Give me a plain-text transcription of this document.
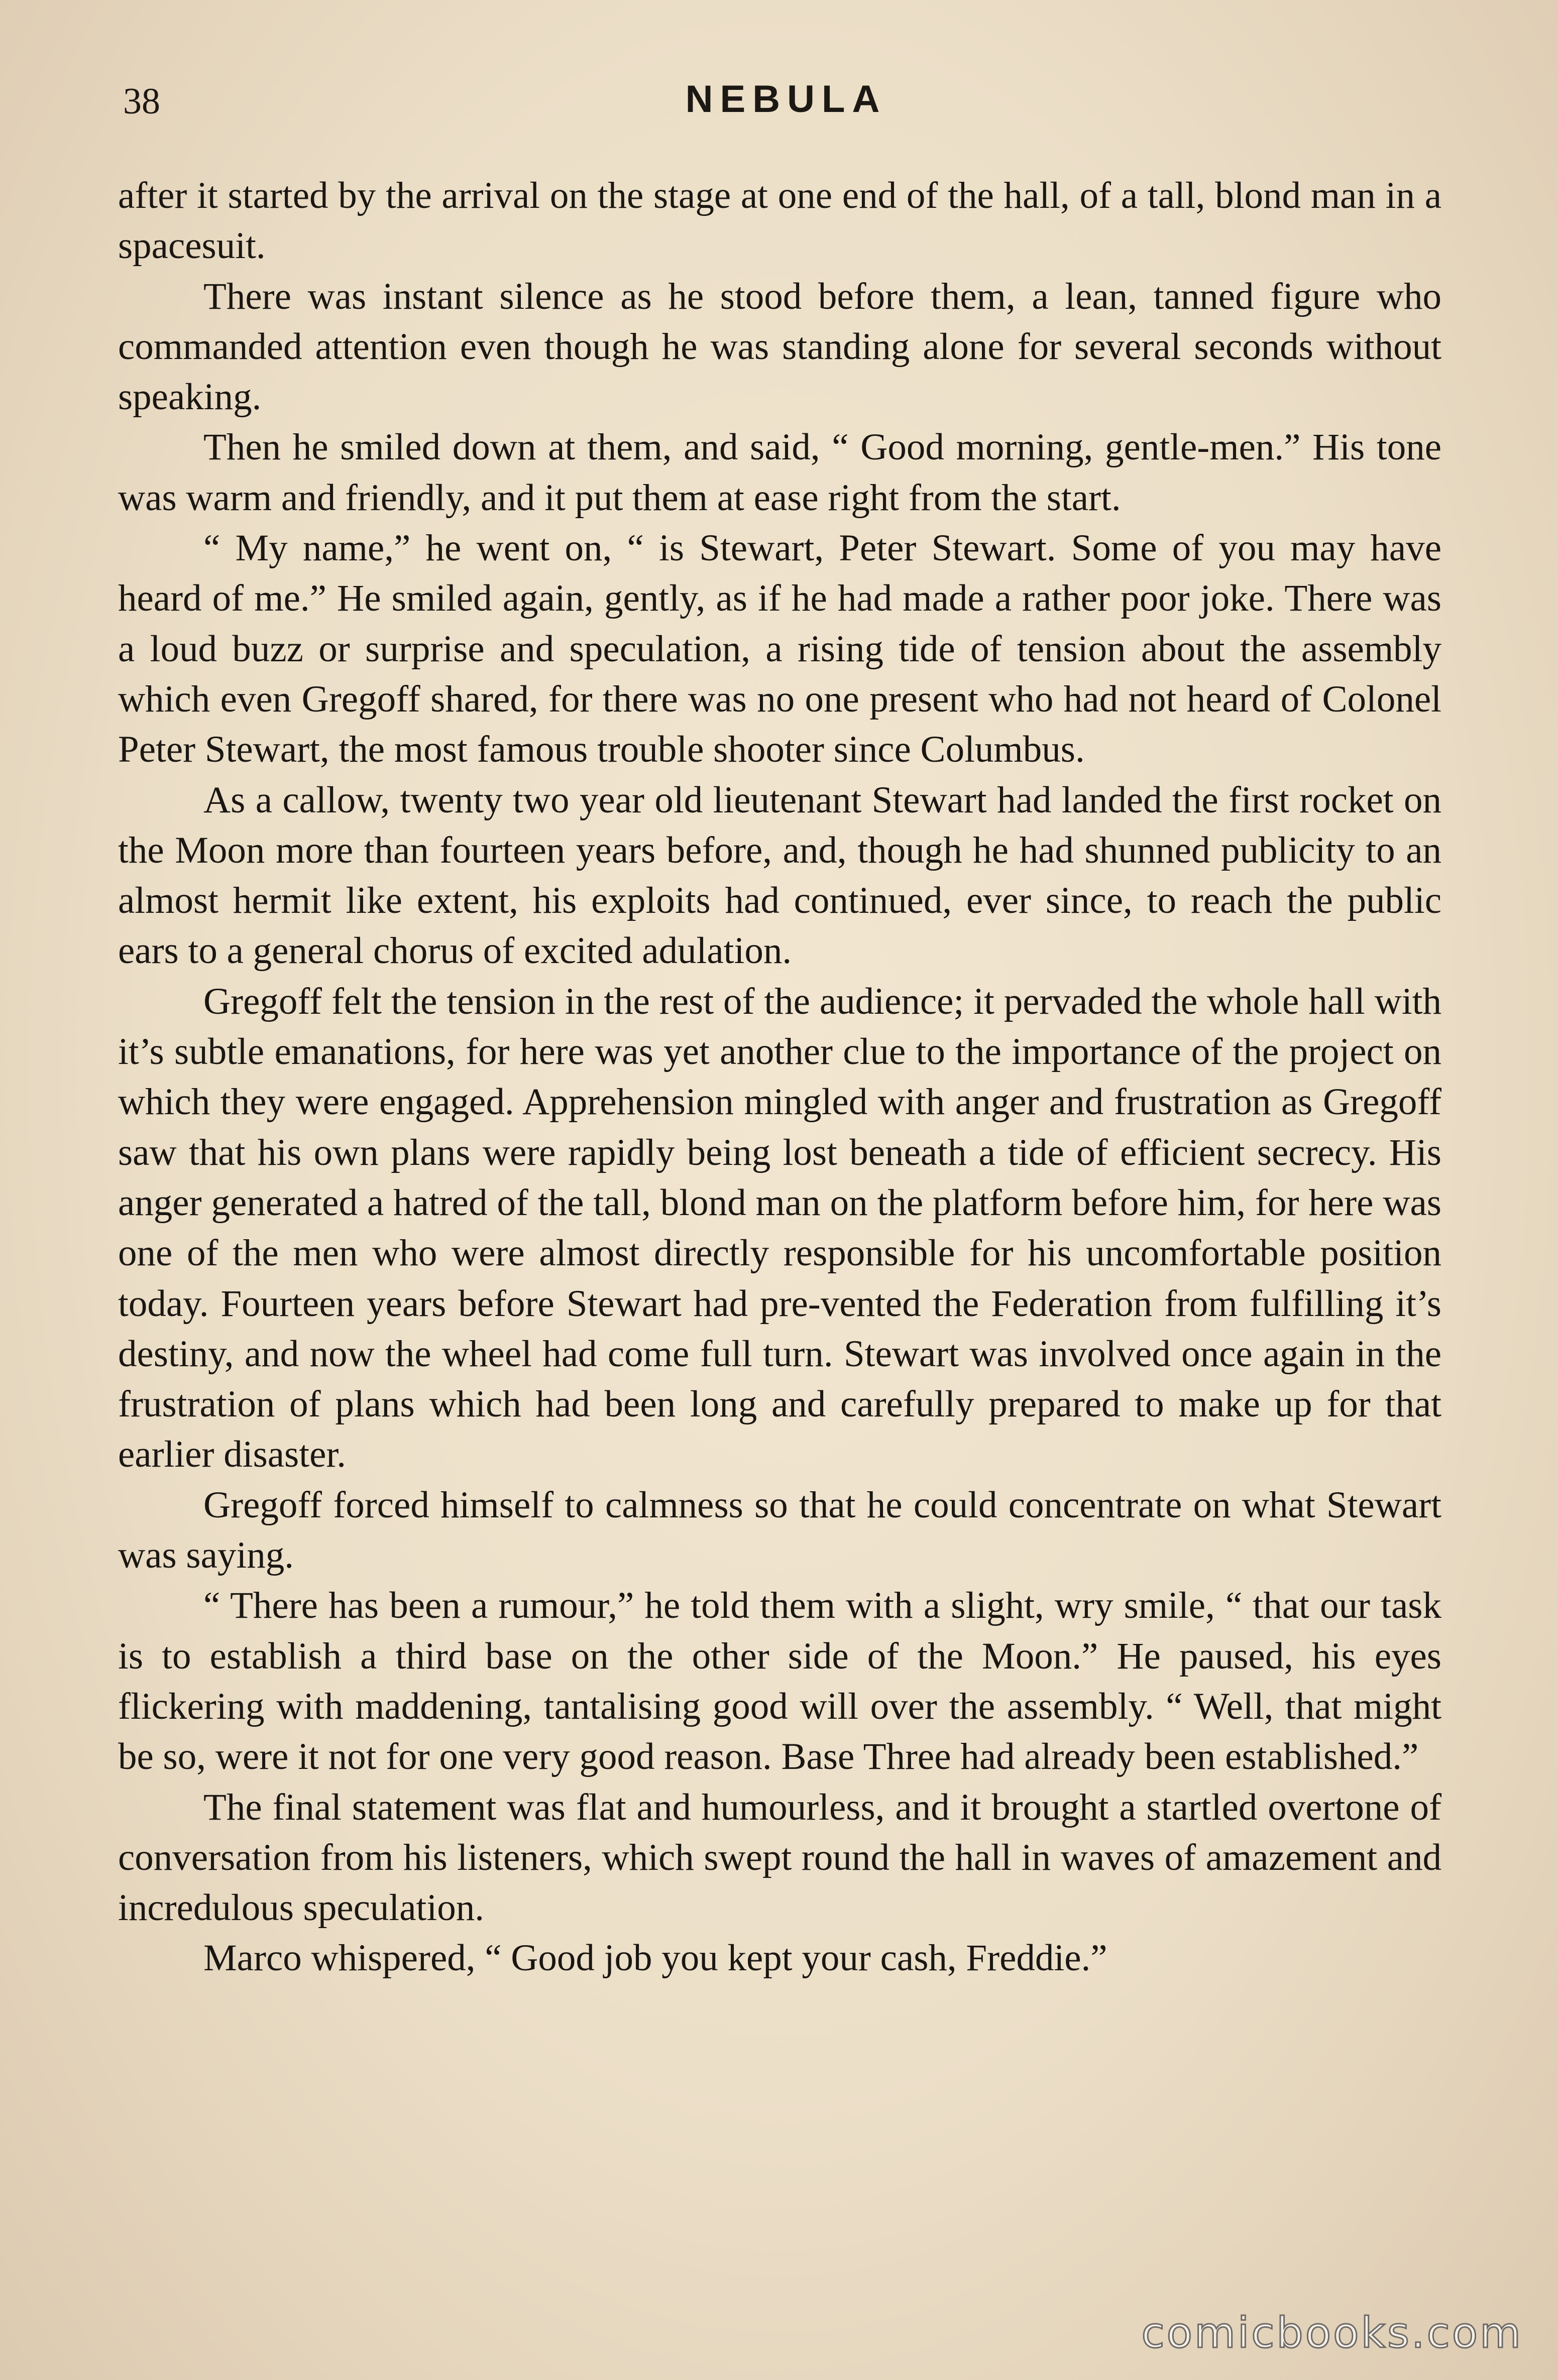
38	NEBULA

after it started by the arrival on the stage at one end of the hall, of a tall, blond man in a spacesuit.

There was instant silence as he stood before them, a lean, tanned figure who commanded attention even though he was standing alone for several seconds without speaking.

Then he smiled down at them, and said, “ Good morning, gentle-men.” His tone was warm and friendly, and it put them at ease right from the start.

“ My name,” he went on, “ is Stewart, Peter Stewart. Some of you may have heard of me.” He smiled again, gently, as if he had made a rather poor joke. There was a loud buzz or surprise and speculation, a rising tide of tension about the assembly which even Gregoff shared, for there was no one present who had not heard of Colonel Peter Stewart, the most famous trouble shooter since Columbus.

As a callow, twenty two year old lieutenant Stewart had landed the first rocket on the Moon more than fourteen years before, and, though he had shunned publicity to an almost hermit like extent, his exploits had continued, ever since, to reach the public ears to a general chorus of excited adulation.

Gregoff felt the tension in the rest of the audience; it pervaded the whole hall with it’s subtle emanations, for here was yet another clue to the importance of the project on which they were engaged. Apprehension mingled with anger and frustration as Gregoff saw that his own plans were rapidly being lost beneath a tide of efficient secrecy. His anger generated a hatred of the tall, blond man on the platform before him, for here was one of the men who were almost directly responsible for his uncomfortable position today. Fourteen years before Stewart had pre-vented the Federation from fulfilling it’s destiny, and now the wheel had come full turn. Stewart was involved once again in the frustration of plans which had been long and carefully prepared to make up for that earlier disaster.

Gregoff forced himself to calmness so that he could concentrate on what Stewart was saying.

“ There has been a rumour,” he told them with a slight, wry smile, “ that our task is to establish a third base on the other side of the Moon.” He paused, his eyes flickering with maddening, tantalising good will over the assembly. “ Well, that might be so, were it not for one very good reason. Base Three had already been established.”

The final statement was flat and humourless, and it brought a startled overtone of conversation from his listeners, which swept round the hall in waves of amazement and incredulous speculation.

Marco whispered, “ Good job you kept your cash, Freddie.”

comicbooks.com
